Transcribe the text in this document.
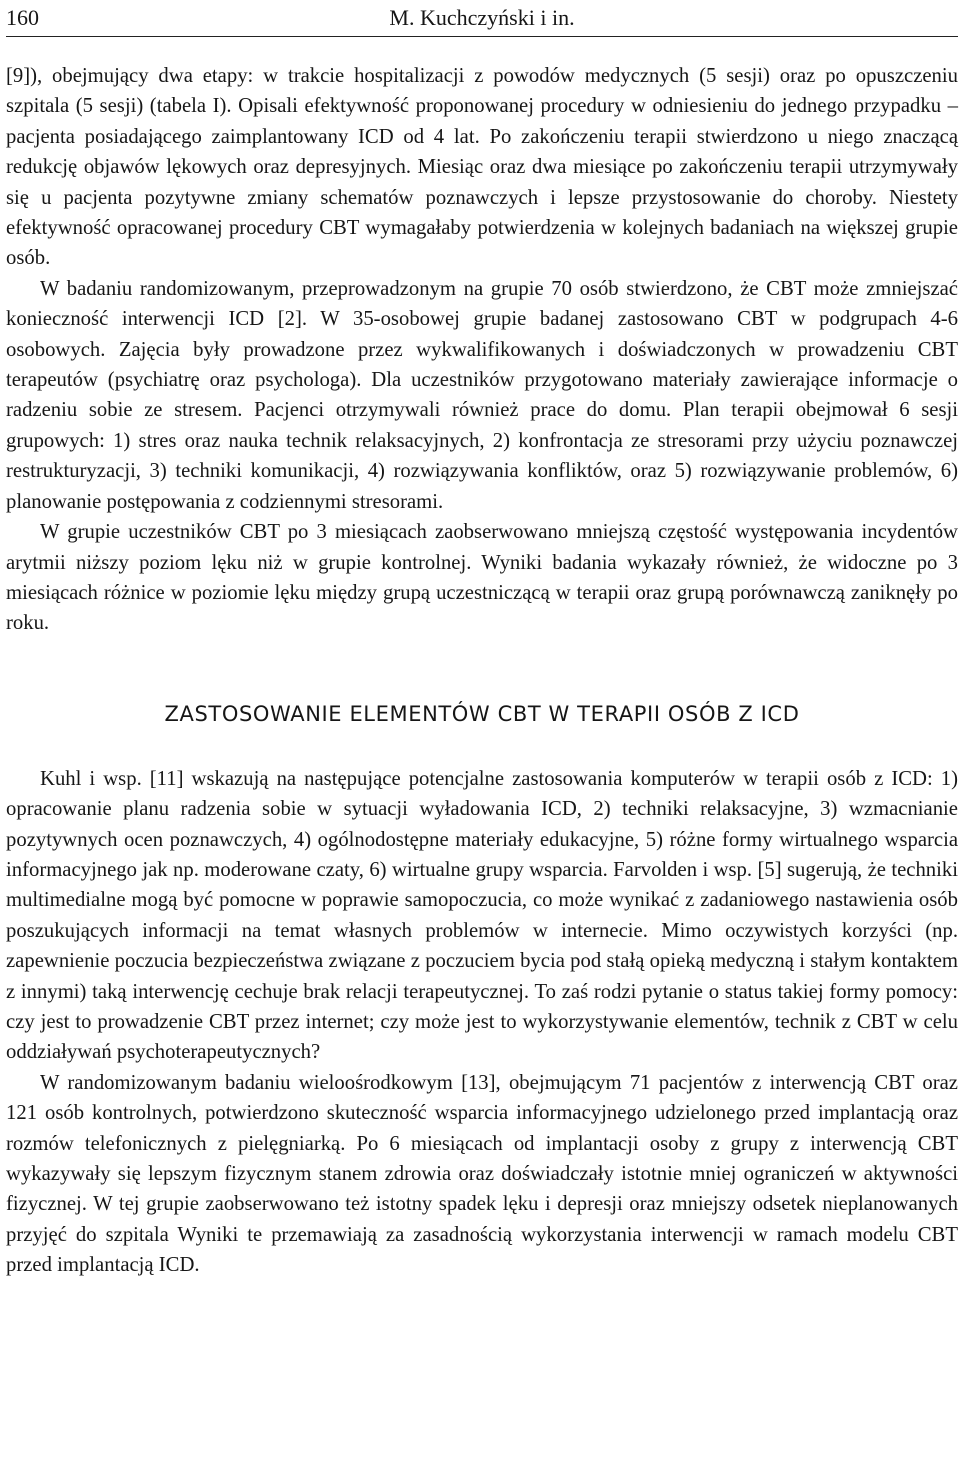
160	M. Kuchczyński i in.

[9]), obejmujący dwa etapy: w trakcie hospitalizacji z powodów medycznych (5 sesji) oraz po opuszczeniu szpitala (5 sesji) (tabela I). Opisali efektywność proponowanej procedury w odniesieniu do jednego przypadku – pacjenta posiadającego zaimplantowany ICD od 4 lat. Po zakończeniu terapii stwierdzono u niego znaczącą redukcję objawów lękowych oraz depresyjnych. Miesiąc oraz dwa miesiące po zakończeniu terapii utrzymywały się u pacjenta pozytywne zmiany schematów poznawczych i lepsze przystosowanie do choroby. Niestety efektywność opracowanej procedury CBT wymagałaby potwierdzenia w kolejnych badaniach na większej grupie osób.

W badaniu randomizowanym, przeprowadzonym na grupie 70 osób stwierdzono, że CBT może zmniejszać konieczność interwencji ICD [2]. W 35-osobowej grupie badanej zastosowano CBT w podgrupach 4-6 osobowych. Zajęcia były prowadzone przez wykwalifikowanych i doświadczonych w prowadzeniu CBT terapeutów (psychiatrę oraz psychologa). Dla uczestników przygotowano materiały zawierające informacje o radzeniu sobie ze stresem. Pacjenci otrzymywali również prace do domu. Plan terapii obejmował 6 sesji grupowych: 1) stres oraz nauka technik relaksacyjnych, 2) konfrontacja ze stresorami przy użyciu poznawczej restrukturyzacji, 3) techniki komunikacji, 4) rozwiązywania konfliktów, oraz 5) rozwiązywanie problemów, 6) planowanie postępowania z codziennymi stresorami.

W grupie uczestników CBT po 3 miesiącach zaobserwowano mniejszą częstość występowania incydentów arytmii niższy poziom lęku niż w grupie kontrolnej. Wyniki badania wykazały również, że widoczne po 3 miesiącach różnice w poziomie lęku między grupą uczestniczącą w terapii oraz grupą porównawczą zaniknęły po roku.

ZASTOSOWANIE ELEMENTÓW CBT W TERAPII OSÓB Z ICD

Kuhl i wsp. [11] wskazują na następujące potencjalne zastosowania komputerów w terapii osób z ICD: 1) opracowanie planu radzenia sobie w sytuacji wyładowania ICD, 2) techniki relaksacyjne, 3) wzmacnianie pozytywnych ocen poznawczych, 4) ogólnodostępne materiały edukacyjne, 5) różne formy wirtualnego wsparcia informacyjnego jak np. moderowane czaty, 6) wirtualne grupy wsparcia. Farvolden i wsp. [5] sugerują, że techniki multimedialne mogą być pomocne w poprawie samopoczucia, co może wynikać z zadaniowego nastawienia osób poszukujących informacji na temat własnych problemów w internecie. Mimo oczywistych korzyści (np. zapewnienie poczucia bezpieczeństwa związane z poczuciem bycia pod stałą opieką medyczną i stałym kontaktem z innymi) taką interwencję cechuje brak relacji terapeutycznej. To zaś rodzi pytanie o status takiej formy pomocy: czy jest to prowadzenie CBT przez internet; czy może jest to wykorzystywanie elementów, technik z CBT w celu oddziaływań psychoterapeutycznych?

W randomizowanym badaniu wieloośrodkowym [13], obejmującym 71 pacjentów z interwencją CBT oraz 121 osób kontrolnych, potwierdzono skuteczność wsparcia informacyjnego udzielonego przed implantacją oraz rozmów telefonicznych z pielęgniarką. Po 6 miesiącach od implantacji osoby z grupy z interwencją CBT wykazywały się lepszym fizycznym stanem zdrowia oraz doświadczały istotnie mniej ograniczeń w aktywności fizycznej. W tej grupie zaobserwowano też istotny spadek lęku i depresji oraz mniejszy odsetek nieplanowanych przyjęć do szpitala Wyniki te przemawiają za zasadnością wykorzystania interwencji w ramach modelu CBT przed implantacją ICD.
